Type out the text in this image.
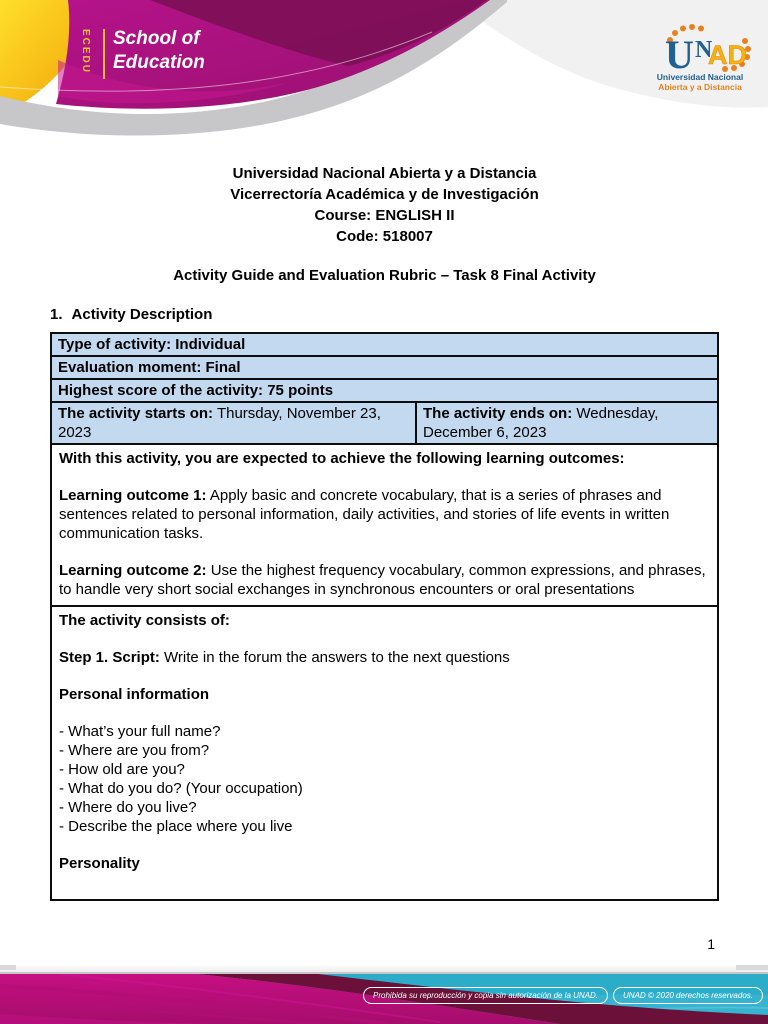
ECEDU School of
Education	U N
AD
Universidad Nacional
Abierta y a Distancia
Universidad Nacional Abierta y a Distancia
Vicerrectoría Académica y de Investigación
Course: ENGLISH II
Code: 518007
Activity Guide and Evaluation Rubric – Task 8 Final Activity
1. Activity Description
Type of activity: Individual
Evaluation moment: Final
Highest score of the activity: 75 points
The activity starts on: Thursday, November 23, 2023
The activity ends on: Wednesday, December 6, 2023

With this activity, you are expected to achieve the following learning outcomes:

Learning outcome 1: Apply basic and concrete vocabulary, that is a series of phrases and sentences related to personal information, daily activities, and stories of life events in written communication tasks.

Learning outcome 2: Use the highest frequency vocabulary, common expressions, and phrases, to handle very short social exchanges in synchronous encounters or oral presentations

The activity consists of:

Step 1. Script: Write in the forum the answers to the next questions

Personal information

- What’s your full name?

- Where are you from?

- How old are you?

- What do you do? (Your occupation)

- Where do you live?

- Describe the place where you live

Personality

1
Prohibida su reproducción y copia sin autorización de la UNAD.	UNAD © 2020 derechos reservados.
